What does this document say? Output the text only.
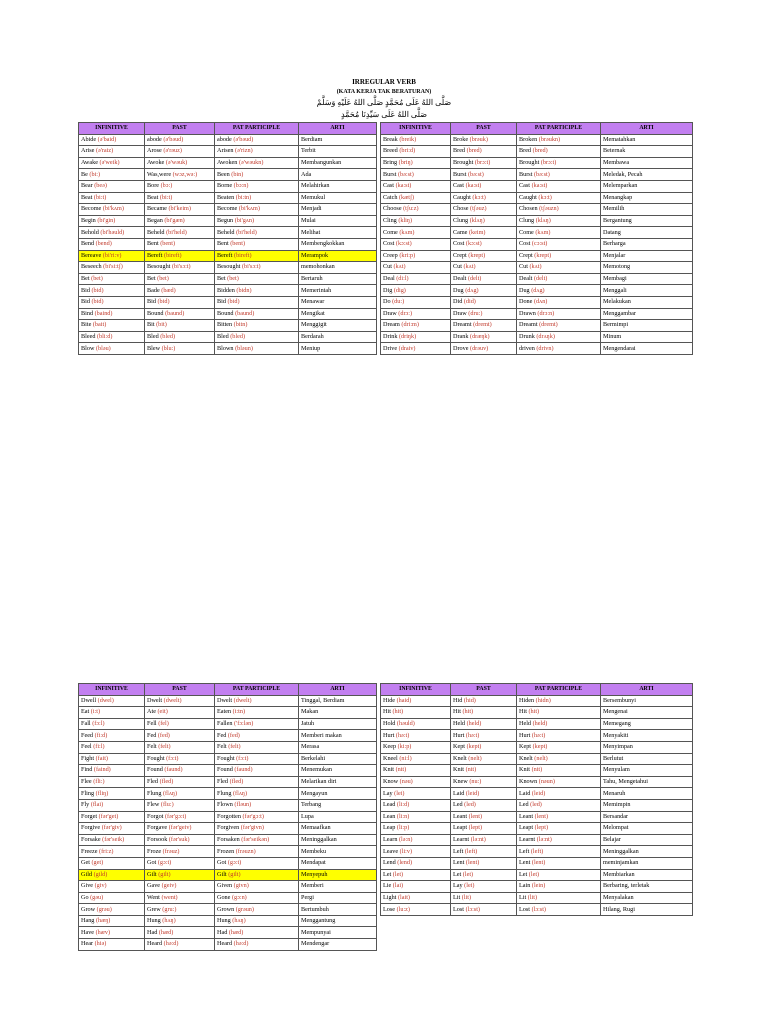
IRREGULAR VERB
(KATA KERJA TAK BERATURAN)
صَلَّى اللهُ عَلَى مُحَمَّدٍ صَلَّى اللهُ عَلَيْهِ وَسَلَّمْ
صَلَّى اللهُ عَلَى سَيِّدِنَا مُحَمَّدٍ
INFINITIVE	PAST	PAT PARTICIPLE	ARTI
Abide (ə'baid)	abode (ə'bəud)	abode (ə'bəud)	Berdiam
Arise (ə'raiz)	Arose (ə'rəuz)	Arisen (ə'rizn)	Terbit
Awake (ə'weik)	Awoke (ə'wəuk)	Awoken (ə'wəukn)	Membangunkan
Be (bi:)	Was,were (wɔz,wə:)	Been (bin)	Ada
Bear (beə)	Bore (bɔ:)	Borne (bɔ:n)	Melahirkan
Beat (bi:t)	Beat (bi:t)	Beaten (bi:tn)	Memukul
Become (bi'kʌm)	Became (bi'keim)	Become (bi'kʌm)	Menjadi
Begin (bi'gin)	Began (bi'gæn)	Begun (bi'gʌn)	Mulai
Behold (bi'həuld)	Beheld (bi'held)	Beheld (bi'held)	Melihat
Bend (bend)	Bent (bent)	Bent (bent)	Membengkokkan
Bereave (bi'ri:v)	Bereft (bireft)	Bereft (bireft)	Merampok
Beseech (bi'si:tʃ)	Besought (bi'sɔ:t)	Besought (bi'sɔ:t)	memohonkan
Bet (bet)	Bet (bet)	Bet (bet)	Bertaruh
Bid (bid)	Bade (bæd)	Bidden (bidn)	Memerintah
Bid (bid)	Bid (bid)	Bid (bid)	Menawar
Bind (baind)	Bound (baund)	Bound (baund)	Mengikat
Bite (bait)	Bit (bit)	Bitten (bitn)	Menggigit
Bleed (bli:d)	Bled (bled)	Bled (bled)	Berdarah
Blow (bləu)	Blew (blu:)	Blown (bləun)	Meniup
INFINITIVE	PAST	PAT PARTICIPLE	ARTI
Break (breik)	Broke (brəuk)	Broken (brəukn)	Mematahkan
Breed (bri:d)	Bred (bred)	Bred (bred)	Beternak
Bring (briŋ)	Brought (brɔ:t)	Brought (brɔ:t)	Membawa
Burst (bə:st)	Burst (bə:st)	Burst (bə:st)	Meledak, Pecah
Cast (ka:st)	Cast (ka:st)	Cast (ka:st)	Melemparkan
Catch (kætʃ)	Caught (kɔ:t)	Caught (kɔ:t)	Menangkap
Choose (tʃu:z)	Chose (tʃəuz)	Chosen (tʃəuzn)	Memilih
Cling (kliŋ)	Clung (klʌŋ)	Clung (klʌŋ)	Bergantung
Come (kʌm)	Came (keim)	Come (kʌm)	Datang
Cost (kɔ:st)	Cost (kɔ:st)	Cost (cɔ:st)	Berharga
Creep (kri:p)	Crept (krept)	Crept (krept)	Menjalar
Cut (kʌt)	Cut (kʌt)	Cut (kʌt)	Memotong
Deal (di:l)	Dealt (delt)	Dealt (delt)	Membagi
Dig (dig)	Dug (dʌg)	Dug (dʌg)	Menggali
Do (du:)	Did (did)	Done (dʌn)	Melakukan
Draw (drɔ:)	Draw (dru:)	Drawn (drɔ:n)	Menggambar
Dream (dri:m)	Dreamt (dremt)	Dreamt (dremt)	Bermimpi
Drink (driŋk)	Drank (dræŋk)	Drunk (drʌŋk)	Minum
Drive (draiv)	Drove (drəuv)	driven (drivn)	Mengendarai
INFINITIVE	PAST	PAT PARTICIPLE	ARTI
Dwell (dwel)	Dwelt (dwelt)	Dwelt (dwelt)	Tinggal, Berdiam
Eat (i:t)	Ate (eit)	Eaten (i:tn)	Makan
Fall (fɔ:l)	Fell (fel)	Fallen ('fɔ:lən)	Jatuh
Feed (fi:d)	Fed (fed)	Fed (fed)	Memberi makan
Feel (fi:l)	Felt (felt)	Felt (felt)	Merasa
Fight (fait)	Fought (fɔ:t)	Fought (fɔ:t)	Berkelahi
Find (faind)	Found (faund)	Found (faund)	Menemukan
Flee (fli:)	Fled (fled)	Fled (fled)	Melarikan diri
Fling (fliŋ)	Flung (flʌŋ)	Flung (flʌŋ)	Mengayun
Fly (flai)	Flew (flu:)	Flown (fləun)	Terbang
Forget (fər'get)	Forgot (fər'gɔ:t)	Forgotten (fər'gɔ:t)	Lupa
Forgive (fər'giv)	Forgave (fər'geiv)	Forgiven (fər'givn)	Memaafkan
Forsake (fər'seik)	Forsook (fər'suk)	Forsaken (fər'seikən)	Meninggalkan
Freeze (fri:z)	Froze (frəuz)	Frozen (frəuzn)	Membeku
Get (get)	Got (gɔ:t)	Got (gɔ:t)	Mendapat
Gild (gild)	Gilt (gilt)	Gilt (gilt)	Menyepuh
Give (giv)	Gave (geiv)	Given (givn)	Memberi
Go (gəu)	Went (went)	Gone (gɔ:n)	Pergi
Grow (grəu)	Grew (gru:)	Grown (grəun)	Bertumbuh
Hang (hæŋ)	Hung (hʌŋ)	Hung (hʌŋ)	Menggantung
Have (hæv)	Had (hæd)	Had (hæd)	Mempunyai
Hear (hiə)	Heard (hə:d)	Heard (hə:d)	Mendengar
INFINITIVE	PAST	PAT PARTICIPLE	ARTI
Hide (haid)	Hid (hid)	Hiden (hidn)	Bersembunyi
Hit (hit)	Hit (hit)	Hit (hit)	Mengenai
Hold (həuld)	Held (held)	Held (held)	Memegang
Hurt (hə:t)	Hurt (hə:t)	Hurt (hə:t)	Menyakiti
Keep (ki:p)	Kept (kept)	Kept (kept)	Menyimpan
Kneel (ni:l)	Knelt (nelt)	Knelt (nelt)	Berlutut
Knit (nit)	Knit (nit)	Knit (nit)	Menyulam
Know (nəu)	Knew (nu:)	Known (nəun)	Tahu, Mengetahui
Lay (lei)	Laid (leid)	Laid (leid)	Menaruh
Lead (li:d)	Led (led)	Led (led)	Memimpin
Lean (li:n)	Leant (lent)	Leant (lent)	Bersandar
Leap (li:p)	Leapt (lept)	Leapt (lept)	Melompat
Learn (lə:n)	Learnt (lə:nt)	Learnt (lə:nt)	Belajar
Leave (li:v)	Left (left)	Left (left)	Meninggalkan
Lend (lend)	Lent (lent)	Lent (lent)	meminjamkan
Let (let)	Let (let)	Let (let)	Membiarkan
Lie (lai)	Lay (lei)	Lain (lein)	Berbaring, terletak
Light (lait)	Lit (lit)	Lit (lit)	Menyalakan
Lose (lu:z)	Lost (lɔ:st)	Lost (lɔ:st)	Hilang, Rugi
